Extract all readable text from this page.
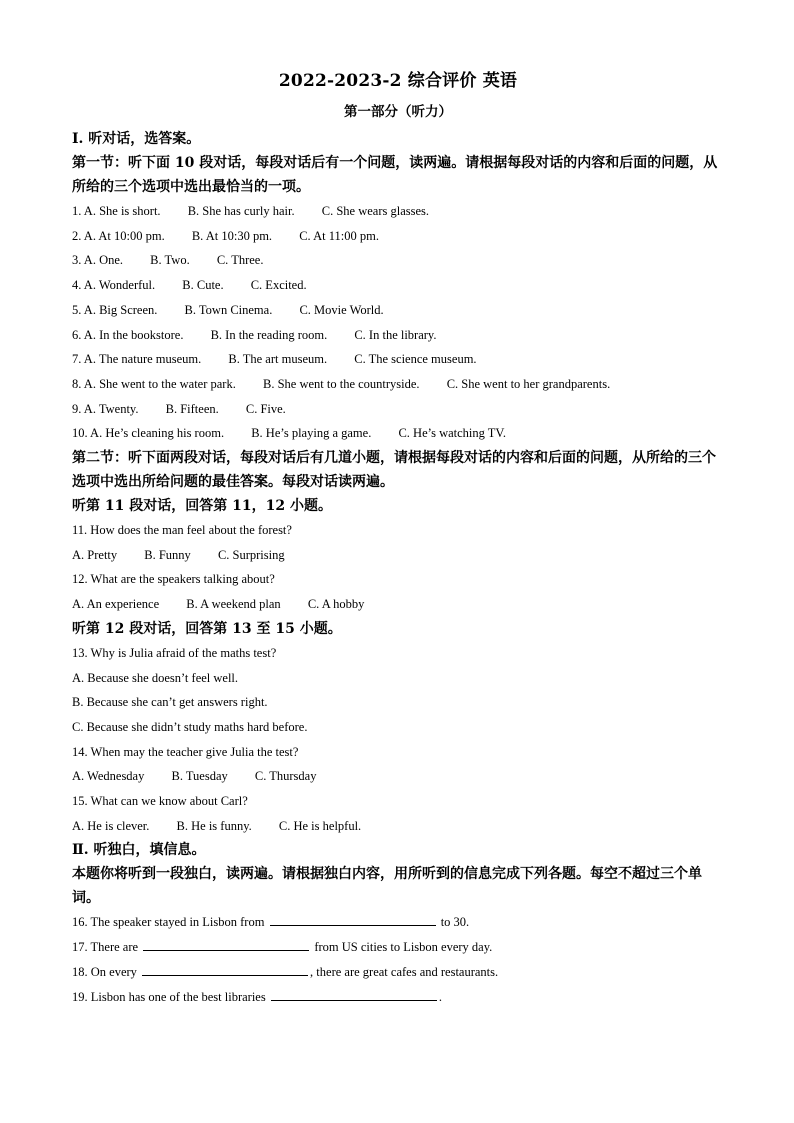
2022-2023-2 综合评价 英语
第一部分（听力）
Ⅰ. 听对话，选答案。
第一节：听下面 10 段对话，每段对话后有一个问题，读两遍。请根据每段对话的内容和后面的问题，从所给的三个选项中选出最恰当的一项。
1. A. She is short. B. She has curly hair. C. She wears glasses.
2. A. At 10:00 pm. B. At 10:30 pm. C. At 11:00 pm.
3. A. One. B. Two. C. Three.
4. A. Wonderful. B. Cute. C. Excited.
5. A. Big Screen. B. Town Cinema. C. Movie World.
6. A. In the bookstore. B. In the reading room. C. In the library.
7. A. The nature museum. B. The art museum. C. The science museum.
8. A. She went to the water park. B. She went to the countryside. C. She went to her grandparents.
9. A. Twenty. B. Fifteen. C. Five.
10. A. He’s cleaning his room. B. He’s playing a game. C. He’s watching TV.
第二节：听下面两段对话，每段对话后有几道小题，请根据每段对话的内容和后面的问题，从所给的三个选项中选出所给问题的最佳答案。每段对话读两遍。
听第 11 段对话，回答第 11，12 小题。
11. How does the man feel about the forest?
A. Pretty B. Funny C. Surprising
12. What are the speakers talking about?
A. An experience B. A weekend plan C. A hobby
听第 12 段对话，回答第 13 至 15 小题。
13. Why is Julia afraid of the maths test?
A. Because she doesn’t feel well.
B. Because she can’t get answers right.
C. Because she didn’t study maths hard before.
14. When may the teacher give Julia the test?
A. Wednesday B. Tuesday C. Thursday
15. What can we know about Carl?
A. He is clever. B. He is funny. C. He is helpful.
Ⅱ. 听独白，填信息。
本题你将听到一段独白，读两遍。请根据独白内容，用所听到的信息完成下列各题。每空不超过三个单词。
16. The speaker stayed in Lisbon from	to 30.
17. There are	from US cities to Lisbon every day.
18. On every	, there are great cafes and restaurants.
19. Lisbon has one of the best libraries	.
